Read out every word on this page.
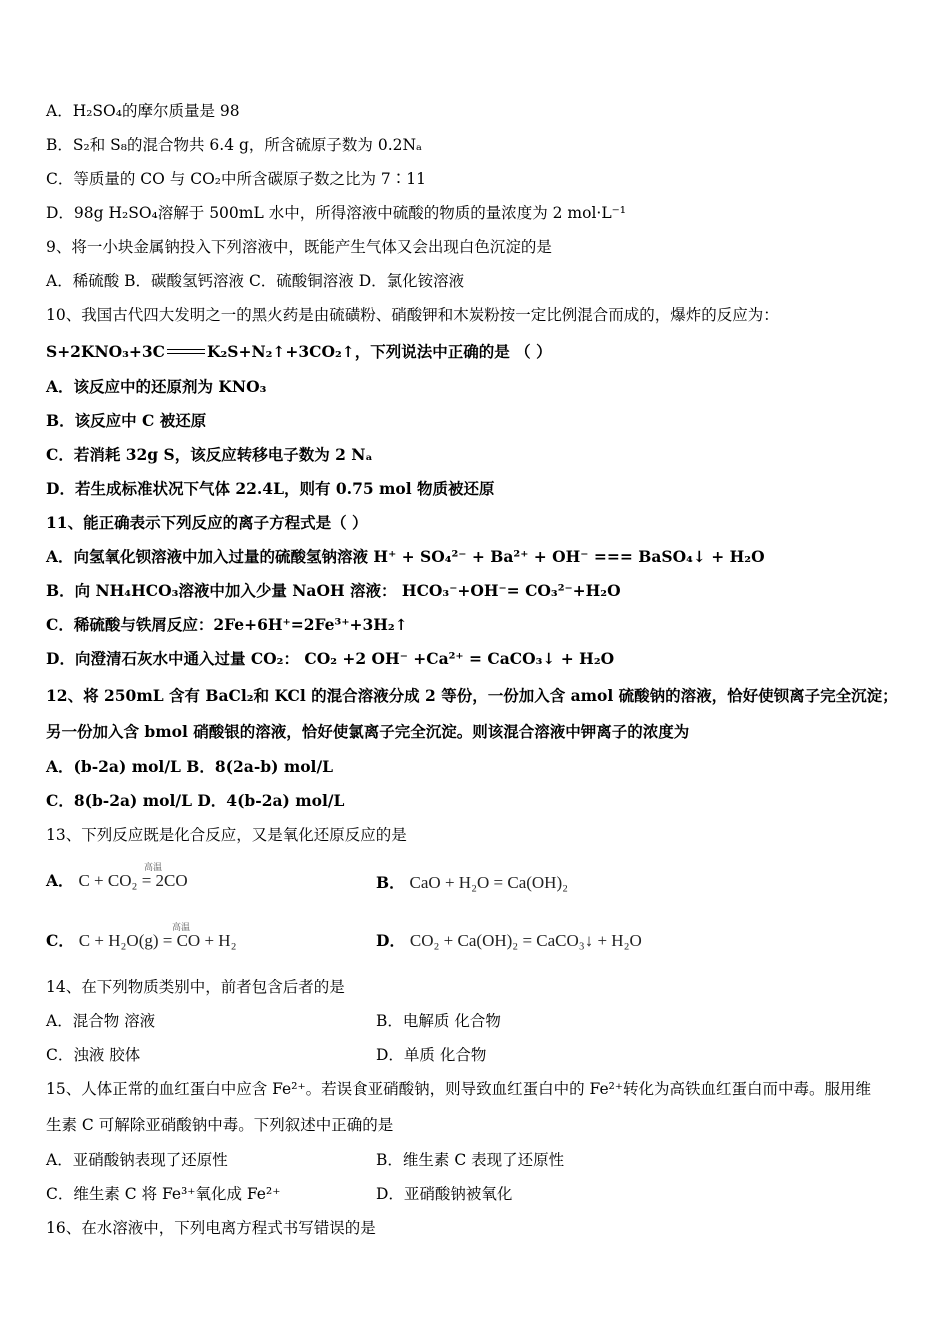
A．H₂SO₄的摩尔质量是 98
B．S₂和 S₈的混合物共 6.4 g，所含硫原子数为 0.2Nₐ
C．等质量的 CO 与 CO₂中所含碳原子数之比为 7∶11
D．98g H₂SO₄溶解于 500mL 水中，所得溶液中硫酸的物质的量浓度为 2 mol·L⁻¹
9、将一小块金属钠投入下列溶液中，既能产生气体又会出现白色沉淀的是
A．稀硫酸 B．碳酸氢钙溶液 C．硫酸铜溶液 D．氯化铵溶液
10、我国古代四大发明之一的黑火药是由硫磺粉、硝酸钾和木炭粉按一定比例混合而成的，爆炸的反应为：
S+2KNO₃+3C	K₂S+N₂↑+3CO₂↑，下列说法中正确的是 （ ）
A．该反应中的还原剂为 KNO₃
B．该反应中 C 被还原
C．若消耗 32g S，该反应转移电子数为 2 Nₐ
D．若生成标准状况下气体 22.4L，则有 0.75 mol 物质被还原
11、能正确表示下列反应的离子方程式是（ ）
A．向氢氧化钡溶液中加入过量的硫酸氢钠溶液 H⁺ + SO₄²⁻ + Ba²⁺ + OH⁻ === BaSO₄↓ + H₂O
B．向 NH₄HCO₃溶液中加入少量 NaOH 溶液： HCO₃⁻+OH⁻= CO₃²⁻+H₂O
C．稀硫酸与铁屑反应：2Fe+6H⁺=2Fe³⁺+3H₂↑
D．向澄清石灰水中通入过量 CO₂： CO₂ +2 OH⁻ +Ca²⁺ = CaCO₃↓ + H₂O
12、将 250mL 含有 BaCl₂和 KCl 的混合溶液分成 2 等份，一份加入含 amol 硫酸钠的溶液，恰好使钡离子完全沉淀；
另一份加入含 bmol 硝酸银的溶液，恰好使氯离子完全沉淀。则该混合溶液中钾离子的浓度为
A．(b-2a) mol/L B．8(2a-b) mol/L
C．8(b-2a) mol/L D．4(b-2a) mol/L
13、下列反应既是化合反应，又是氧化还原反应的是
A． C + CO₂ = 2CO
高温
B． CaO + H₂O = Ca(OH)₂
C． C + H₂O(g) = CO + H₂
高温
D． CO₂ + Ca(OH)₂ = CaCO₃↓ + H₂O
14、在下列物质类别中，前者包含后者的是
A．混合物 溶液	B．电解质 化合物
C．浊液 胶体	D．单质 化合物
15、人体正常的血红蛋白中应含 Fe²⁺。若误食亚硝酸钠，则导致血红蛋白中的 Fe²⁺转化为高铁血红蛋白而中毒。服用维
生素 C 可解除亚硝酸钠中毒。下列叙述中正确的是
A．亚硝酸钠表现了还原性	B．维生素 C 表现了还原性
C．维生素 C 将 Fe³⁺氧化成 Fe²⁺	D．亚硝酸钠被氧化
16、在水溶液中，下列电离方程式书写错误的是
